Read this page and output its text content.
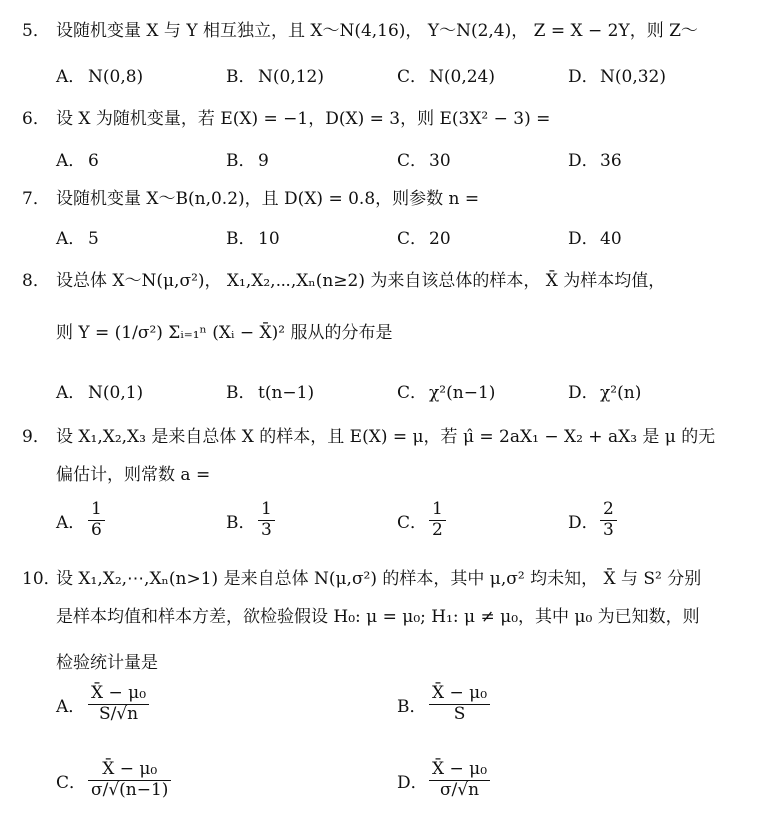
5． 设随机变量 X 与 Y 相互独立，且 X～N(4,16)， Y～N(2,4)， Z = X − 2Y，则 Z～
A． N(0,8)	B． N(0,12)	C． N(0,24)	D．N(0,32)
6． 设 X 为随机变量，若 E(X) = −1，D(X) = 3，则 E(3X² − 3) =
A． 6	B． 9	C． 30	D．36
7． 设随机变量 X～B(n,0.2)，且 D(X) = 0.8，则参数 n =
A． 5	B． 10	C． 20	D．40
8． 设总体 X～N(μ,σ²)， X₁,X₂,⋯,Xₙ(n≥2) 为来自该总体的样本， X̄ 为样本均值，
则 Y = (1/σ²) Σᵢ₌₁ⁿ (Xᵢ − X̄)² 服从的分布是
A． N(0,1)	B． t(n−1)	C． χ²(n−1)	D．χ²(n)
9． 设 X₁,X₂,X₃ 是来自总体 X 的样本，且 E(X) = μ，若 μ̂ = 2aX₁ − X₂ + aX₃ 是 μ 的无
偏估计，则常数 a =
A． $\frac{1}{6}$	B． $\frac{1}{3}$	C． $\frac{1}{2}$	D． $\frac{2}{3}$
10．设 X₁,X₂,⋯,Xₙ(n>1) 是来自总体 N(μ,σ²) 的样本，其中 μ,σ² 均未知， X̄ 与 S² 分别
是样本均值和样本方差，欲检验假设 H₀: μ = μ₀; H₁: μ ≠ μ₀，其中 μ₀ 为已知数，则
检验统计量是
A． $\frac{\text{X̄ − μ₀}}{S/√n}$	B． $\frac{\text{X̄ − μ₀}}{S}$
C． $\frac{\text{X̄ − μ₀}}{\sigma/√(n-1)}$	D． $\frac{\text{X̄ − μ₀}}{\sigma/√n}$
